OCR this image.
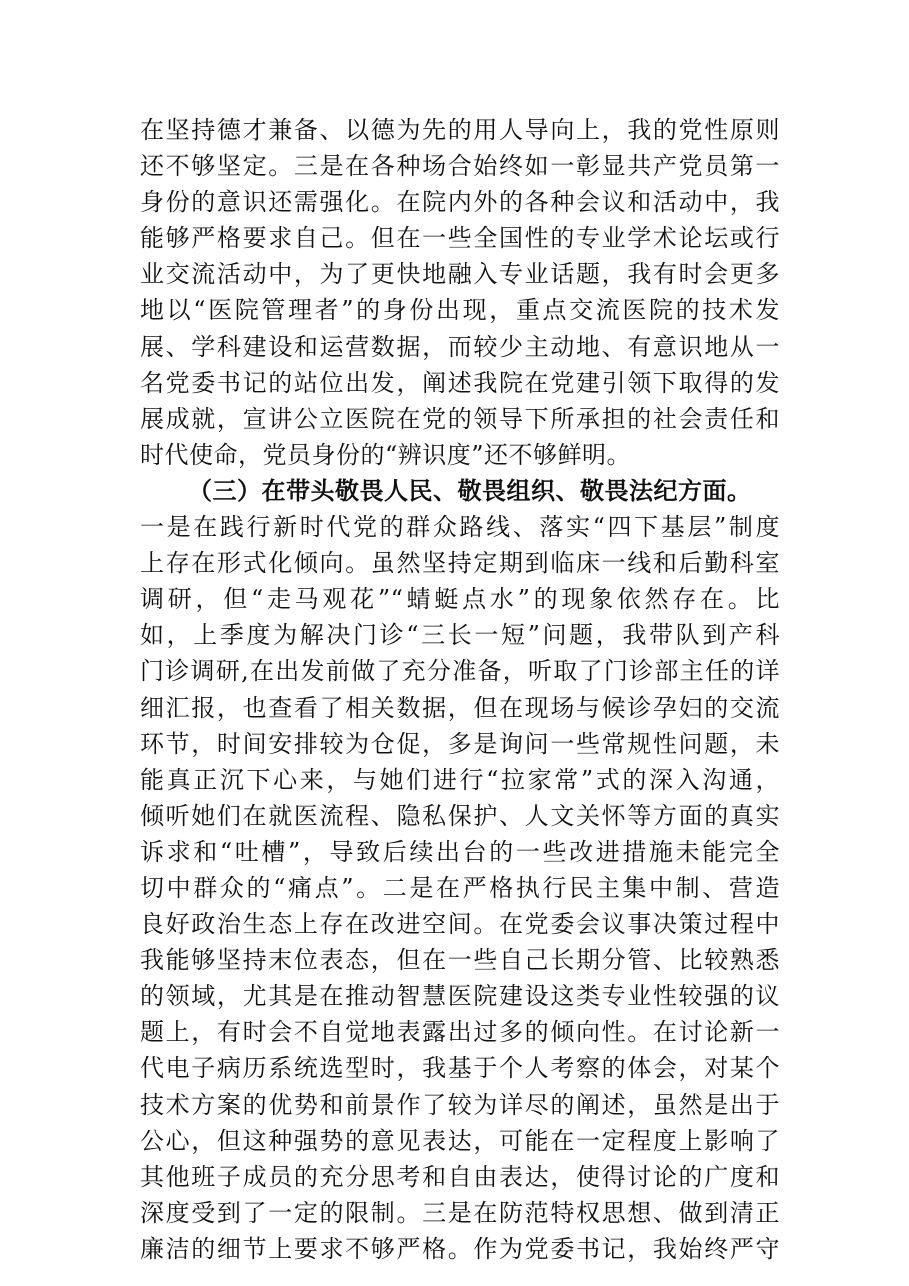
在坚持德才兼备、以德为先的用人导向上，我的党性原则
还不够坚定。三是在各种场合始终如一彰显共产党员第一
身份的意识还需强化。在院内外的各种会议和活动中，我
能够严格要求自己。但在一些全国性的专业学术论坛或行
业交流活动中，为了更快地融入专业话题，我有时会更多
地以“医院管理者”的身份出现，重点交流医院的技术发
展、学科建设和运营数据，而较少主动地、有意识地从一
名党委书记的站位出发，阐述我院在党建引领下取得的发
展成就，宣讲公立医院在党的领导下所承担的社会责任和
时代使命，党员身份的“辨识度”还不够鲜明。
（三）在带头敬畏人民、敬畏组织、敬畏法纪方面。
一是在践行新时代党的群众路线、落实“四下基层”制度
上存在形式化倾向。虽然坚持定期到临床一线和后勤科室
调研，但“走马观花”“蜻蜓点水”的现象依然存在。比
如，上季度为解决门诊“三长一短”问题，我带队到产科
门诊调研,在出发前做了充分准备，听取了门诊部主任的详
细汇报，也查看了相关数据，但在现场与候诊孕妇的交流
环节，时间安排较为仓促，多是询问一些常规性问题，未
能真正沉下心来，与她们进行“拉家常”式的深入沟通，
倾听她们在就医流程、隐私保护、人文关怀等方面的真实
诉求和“吐槽”，导致后续出台的一些改进措施未能完全
切中群众的“痛点”。二是在严格执行民主集中制、营造
良好政治生态上存在改进空间。在党委会议事决策过程中
我能够坚持末位表态，但在一些自己长期分管、比较熟悉
的领域，尤其是在推动智慧医院建设这类专业性较强的议
题上，有时会不自觉地表露出过多的倾向性。在讨论新一
代电子病历系统选型时，我基于个人考察的体会，对某个
技术方案的优势和前景作了较为详尽的阐述，虽然是出于
公心，但这种强势的意见表达，可能在一定程度上影响了
其他班子成员的充分思考和自由表达，使得讨论的广度和
深度受到了一定的限制。三是在防范特权思想、做到清正
廉洁的细节上要求不够严格。作为党委书记，我始终严守
